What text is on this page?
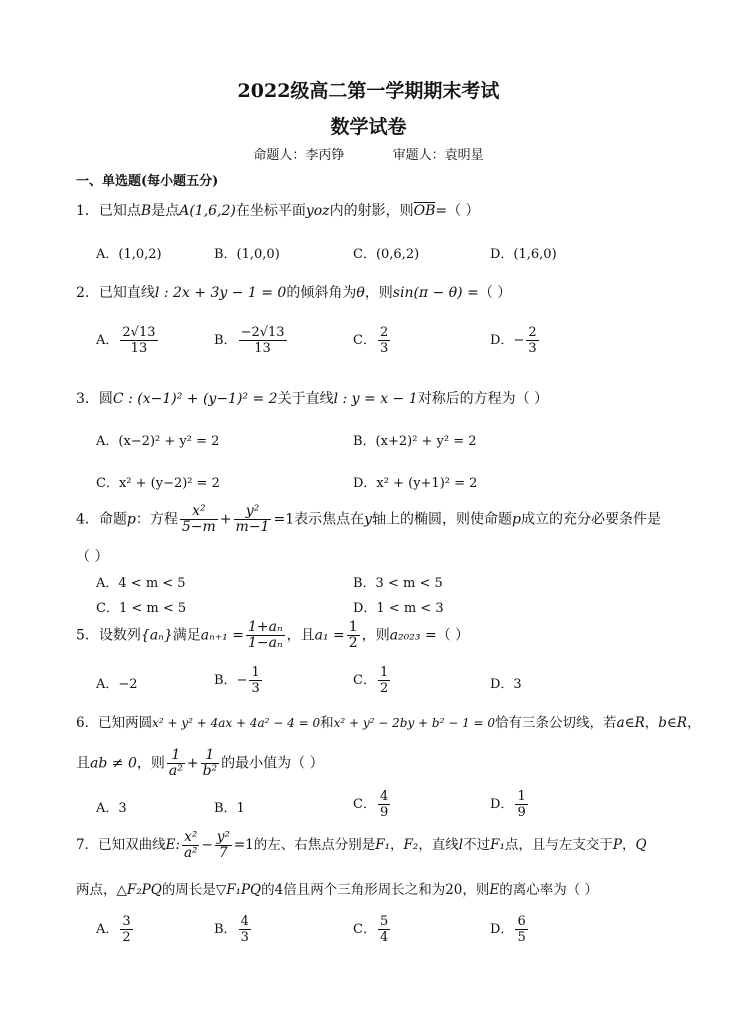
2022级高二第一学期期末考试
数学试卷
命题人：李丙铮	审题人：袁明星
一、单选题(每小题五分)
1．已知点B是点A(1,6,2)在坐标平面yoz内的射影，则$\overline{OB}=$（ ）
A．(1,0,2)	B．(1,0,0)	C．(0,6,2)	D．(1,6,0)
2．已知直线l : 2x + 3y − 1 = 0的倾斜角为θ，则sin(π − θ) =（ ）
A． $\frac{2√13}{13}$	B． $\frac{-2√13}{13}$	C． $\frac{2}{3}$	D．− $\frac{2}{3}$
3．圆C : (x−1)² + (y−1)² = 2关于直线l : y = x − 1对称后的方程为（ ）
A．(x−2)² + y² = 2	B．(x+2)² + y² = 2
C．x² + (y−2)² = 2	D．x² + (y+1)² = 2
4．命题p：方程 $\frac{\text{x²}}{5-m} + \frac{\text{y²}}{m-1} =1$表示焦点在y轴上的椭圆，则使命题p成立的充分必要条件是
（ ）
A．4 < m < 5	B．3 < m < 5
C．1 < m < 5	D．1 < m < 3
5．设数列{aₙ}满足$a_{n+1} = \frac{\text{1+aₙ}}{\text{1−aₙ}}$ ，且$a_1 = \frac{1}{2}$ ，则a₂₀₂₃ =（ ）
A．−2	B．− $\frac{1}{3}$	C． $\frac{1}{2}$	D．3
6．已知两圆x² + y² + 4ax + 4a² − 4 = 0和x² + y² − 2by + b² − 1 = 0恰有三条公切线，若a∈R，b∈R，
且ab ≠ 0，则 $\frac{1}{\text{a²}} + \frac{1}{\text{b²}}$ 的最小值为（ ）
A．3	B．1	C． $\frac{4}{9}$	D． $\frac{1}{9}$
7．已知双曲线E: $\frac{\text{x²}}{\text{a²}} - \frac{\text{y²}}{7} =1$的左、右焦点分别是F₁，F₂，直线l不过F₁点，且与左支交于P，Q
两点，△F₂PQ的周长是▽F₁PQ的4倍且两个三角形周长之和为20，则E的离心率为（ ）
A． $\frac{3}{2}$	B． $\frac{4}{3}$	C． $\frac{5}{4}$	D． $\frac{6}{5}$
